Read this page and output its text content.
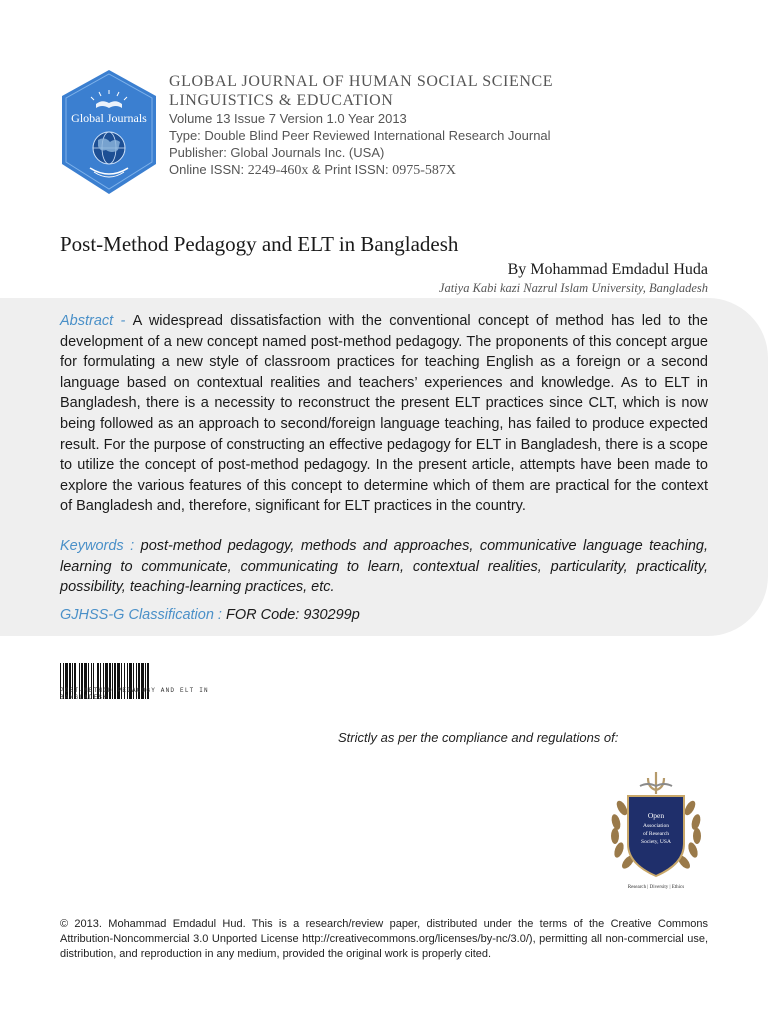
Global Journals
GLOBAL JOURNAL OF HUMAN SOCIAL SCIENCE
LINGUISTICS & EDUCATION
Volume 13 Issue 7 Version 1.0 Year 2013
Type: Double Blind Peer Reviewed International Research Journal
Publisher: Global Journals Inc. (USA)
Online ISSN: 2249-460x & Print ISSN: 0975-587X
Post-Method Pedagogy and ELT in Bangladesh
By Mohammad Emdadul Huda
Jatiya Kabi kazi Nazrul Islam University, Bangladesh

Abstract - A widespread dissatisfaction with the conventional concept of method has led to the development of a new concept named post-method pedagogy. The proponents of this concept argue for formulating a new style of classroom practices for teaching English as a foreign or a second language based on contextual realities and teachers’ experiences and knowledge. As to ELT in Bangladesh, there is a necessity to reconstruct the present ELT practices since CLT, which is now being followed as an approach to second/foreign language teaching, has failed to produce expected result. For the purpose of constructing an effective pedagogy for ELT in Bangladesh, there is a scope to utilize the concept of post-method pedagogy. In the present article, attempts have been made to explore the various features of this concept to determine which of them are practical for the context of Bangladesh and, therefore, significant for ELT practices in the country.

Keywords : post-method pedagogy, methods and approaches, communicative language teaching, learning to communicate, communicating to learn, contextual realities, particularity, practicality, possibility, teaching-learning practices, etc.

GJHSS-G Classification : FOR Code: 930299p

POST-METHOD PEDAGOGY AND ELT IN BANGLADESH
Strictly as per the compliance and regulations of:
Open
Association
of Research
Society, USA
Research | Diversity | Ethics

© 2013. Mohammad Emdadul Hud. This is a research/review paper, distributed under the terms of the Creative Commons Attribution-Noncommercial 3.0 Unported License http://creativecommons.org/licenses/by-nc/3.0/), permitting all non-commercial use, distribution, and reproduction in any medium, provided the original work is properly cited.
